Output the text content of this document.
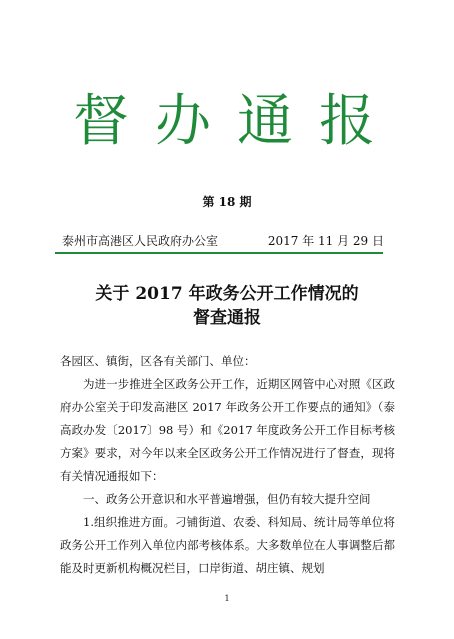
督办通报
第 18 期
泰州市高港区人民政府办公室	2017 年 11 月 29 日
关于 2017 年政务公开工作情况的
督查通报

各园区、镇街，区各有关部门、单位：

为进一步推进全区政务公开工作，近期区网管中心对照《区政府办公室关于印发高港区 2017 年政务公开工作要点的通知》（泰高政办发〔2017〕98 号）和《2017 年度政务公开工作目标考核方案》要求，对今年以来全区政务公开工作情况进行了督查，现将有关情况通报如下：

一、政务公开意识和水平普遍增强，但仍有较大提升空间

1.组织推进方面。刁铺街道、农委、科知局、统计局等单位将政务公开工作列入单位内部考核体系。大多数单位在人事调整后都能及时更新机构概况栏目，口岸街道、胡庄镇、规划

1
